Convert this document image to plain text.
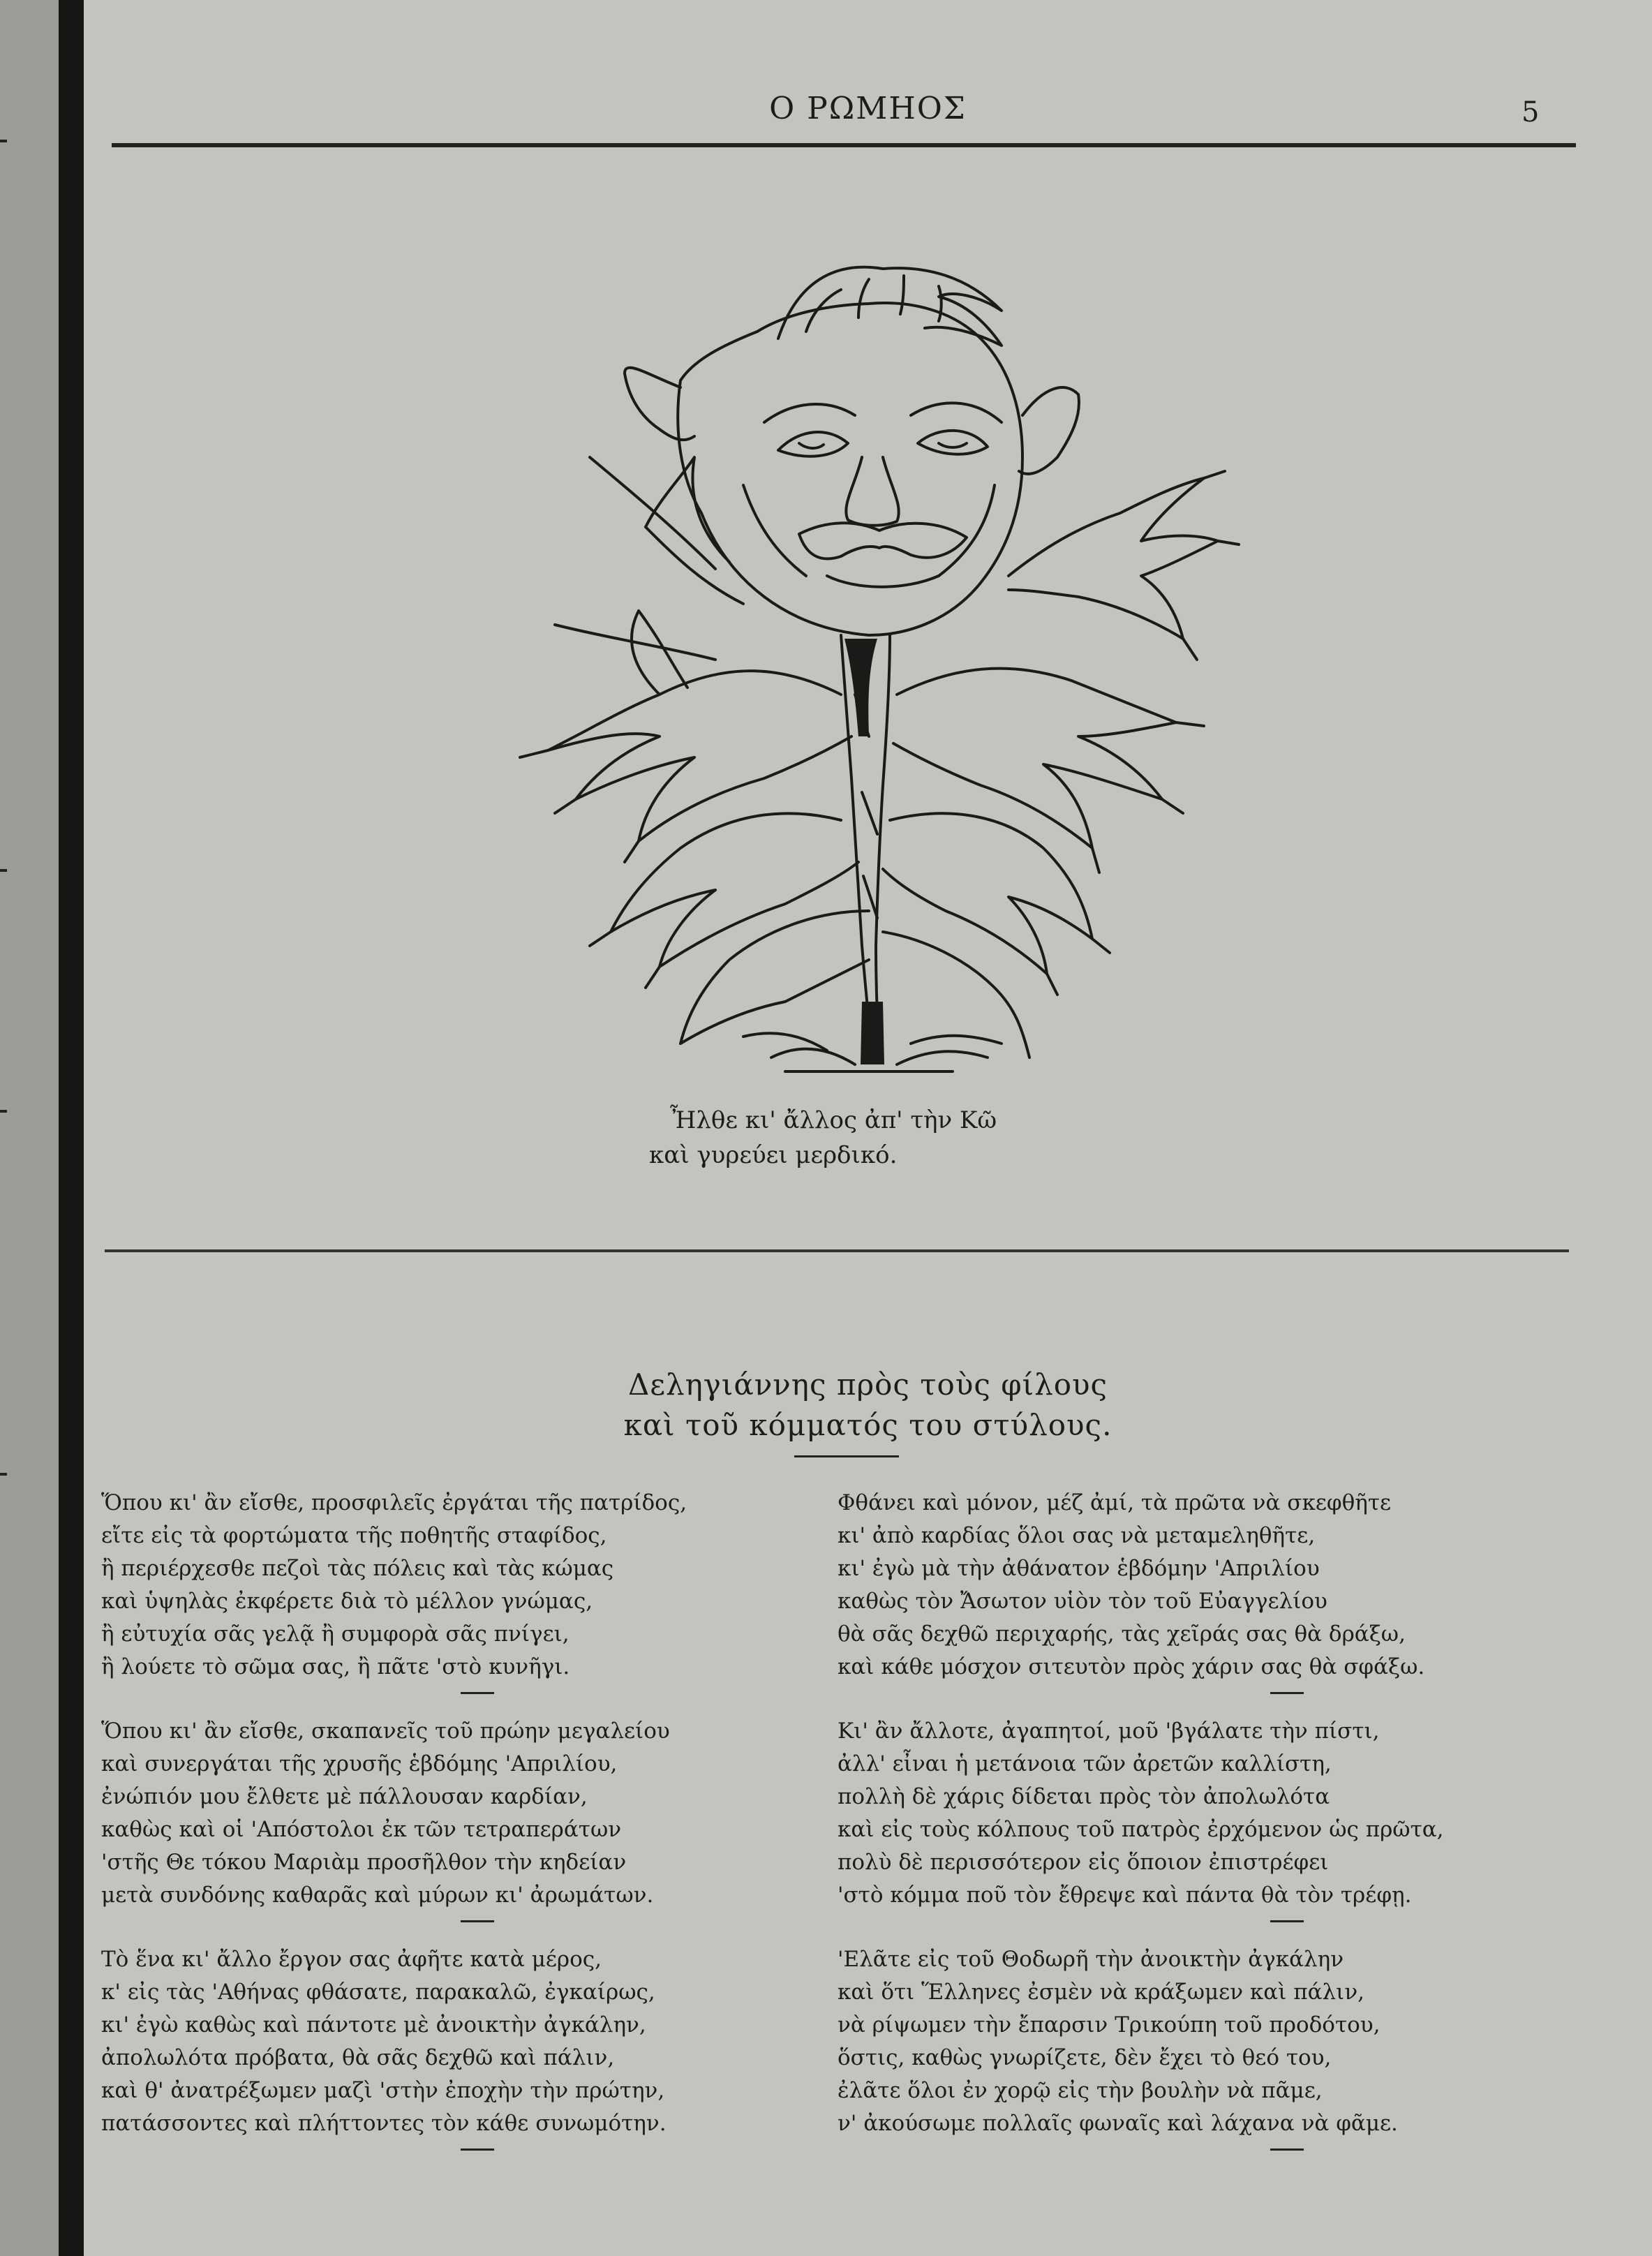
Ο ΡΩΜΗΟΣ	5
Ἦλθε κι' ἄλλος ἀπ' τὴν Κῶ
καὶ γυρεύει μερδικό.
Δεληγιάννης πρὸς τοὺς φίλους
καὶ τοῦ κόμματός του στύλους.
Ὅπου κι' ἂν εἴσθε, προσφιλεῖς ἐργάται τῆς πατρίδος,
εἴτε εἰς τὰ φορτώματα τῆς ποθητῆς σταφίδος,
ἢ περιέρχεσθε πεζοὶ τὰς πόλεις καὶ τὰς κώμας
καὶ ὑψηλὰς ἐκφέρετε διὰ τὸ μέλλον γνώμας,
ἢ εὐτυχία σᾶς γελᾷ ἢ συμφορὰ σᾶς πνίγει,
ἢ λούετε τὸ σῶμα σας, ἢ πᾶτε 'στὸ κυνῆγι.
Ὅπου κι' ἂν εἴσθε, σκαπανεῖς τοῦ πρώην μεγαλείου
καὶ συνεργάται τῆς χρυσῆς ἑβδόμης 'Απριλίου,
ἐνώπιόν μου ἔλθετε μὲ πάλλουσαν καρδίαν,
καθὼς καὶ οἱ 'Απόστολοι ἐκ τῶν τετραπεράτων
'στῆς Θε τόκου Μαριὰμ προσῆλθον τὴν κηδείαν
μετὰ συνδόνης καθαρᾶς καὶ μύρων κι' ἀρωμάτων.
Τὸ ἕνα κι' ἄλλο ἔργον σας ἀφῆτε κατὰ μέρος,
κ' εἰς τὰς 'Αθήνας φθάσατε, παρακαλῶ, ἐγκαίρως,
κι' ἐγὼ καθὼς καὶ πάντοτε μὲ ἀνοικτὴν ἀγκάλην,
ἀπολωλότα πρόβατα, θὰ σᾶς δεχθῶ καὶ πάλιν,
καὶ θ' ἀνατρέξωμεν μαζὶ 'στὴν ἐποχὴν τὴν πρώτην,
πατάσσοντες καὶ πλήττοντες τὸν κάθε συνωμότην.
Φθάνει καὶ μόνον, μέζ ἀμί, τὰ πρῶτα νὰ σκεφθῆτε
κι' ἀπὸ καρδίας ὅλοι σας νὰ μεταμεληθῆτε,
κι' ἐγὼ μὰ τὴν ἀθάνατον ἑβδόμην 'Απριλίου
καθὼς τὸν Ἄσωτον υἱὸν τὸν τοῦ Εὐαγγελίου
θὰ σᾶς δεχθῶ περιχαρής, τὰς χεῖράς σας θὰ δράξω,
καὶ κάθε μόσχον σιτευτὸν πρὸς χάριν σας θὰ σφάξω.
Κι' ἂν ἄλλοτε, ἀγαπητοί, μοῦ 'βγάλατε τὴν πίστι,
ἀλλ' εἶναι ἡ μετάνοια τῶν ἀρετῶν καλλίστη,
πολλὴ δὲ χάρις δίδεται πρὸς τὸν ἀπολωλότα
καὶ εἰς τοὺς κόλπους τοῦ πατρὸς ἐρχόμενον ὡς πρῶτα,
πολὺ δὲ περισσότερον εἰς ὅποιον ἐπιστρέφει
'στὸ κόμμα ποῦ τὸν ἔθρεψε καὶ πάντα θὰ τὸν τρέφῃ.
'Ελᾶτε εἰς τοῦ Θοδωρῆ τὴν ἀνοικτὴν ἀγκάλην
καὶ ὅτι Ἕλληνες ἐσμὲν νὰ κράξωμεν καὶ πάλιν,
νὰ ρίψωμεν τὴν ἔπαρσιν Τρικούπη τοῦ προδότου,
ὅστις, καθὼς γνωρίζετε, δὲν ἔχει τὸ θεό του,
ἐλᾶτε ὅλοι ἐν χορῷ εἰς τὴν βουλὴν νὰ πᾶμε,
ν' ἀκούσωμε πολλαῖς φωναῖς καὶ λάχανα νὰ φᾶμε.
